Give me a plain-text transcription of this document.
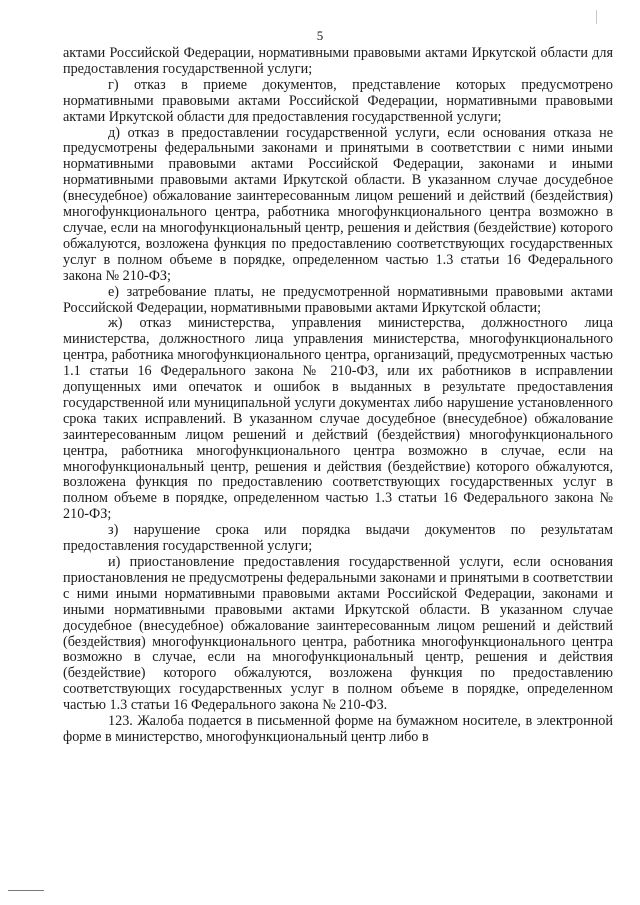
5

актами Российской Федерации, нормативными правовыми актами Иркутской области для предоставления государственной услуги;

г) отказ в приеме документов, представление которых предусмотрено нормативными правовыми актами Российской Федерации, нормативными правовыми актами Иркутской области для предоставления государственной услуги;

д) отказ в предоставлении государственной услуги, если основания отказа не предусмотрены федеральными законами и принятыми в соответствии с ними иными нормативными правовыми актами Российской Федерации, законами и иными нормативными правовыми актами Иркутской области. В указанном случае досудебное (внесудебное) обжалование заинтересованным лицом решений и действий (бездействия) многофункционального центра, работника многофункционального центра возможно в случае, если на многофункциональный центр, решения и действия (бездействие) которого обжалуются, возложена функция по предоставлению соответствующих государственных услуг в полном объеме в порядке, определенном частью 1.3 статьи 16 Федерального закона № 210-ФЗ;

е) затребование платы, не предусмотренной нормативными правовыми актами Российской Федерации, нормативными правовыми актами Иркутской области;

ж) отказ министерства, управления министерства, должностного лица министерства, должностного лица управления министерства, многофункционального центра, работника многофункционального центра, организаций, предусмотренных частью 1.1 статьи 16 Федерального закона № 210-ФЗ, или их работников в исправлении допущенных ими опечаток и ошибок в выданных в результате предоставления государственной или муниципальной услуги документах либо нарушение установленного срока таких исправлений. В указанном случае досудебное (внесудебное) обжалование заинтересованным лицом решений и действий (бездействия) многофункционального центра, работника многофункционального центра возможно в случае, если на многофункциональный центр, решения и действия (бездействие) которого обжалуются, возложена функция по предоставлению соответствующих государственных услуг в полном объеме в порядке, определенном частью 1.3 статьи 16 Федерального закона № 210-ФЗ;

з) нарушение срока или порядка выдачи документов по результатам предоставления государственной услуги;

и) приостановление предоставления государственной услуги, если основания приостановления не предусмотрены федеральными законами и принятыми в соответствии с ними иными нормативными правовыми актами Российской Федерации, законами и иными нормативными правовыми актами Иркутской области. В указанном случае досудебное (внесудебное) обжалование заинтересованным лицом решений и действий (бездействия) многофункционального центра, работника многофункционального центра возможно в случае, если на многофункциональный центр, решения и действия (бездействие) которого обжалуются, возложена функция по предоставлению соответствующих государственных услуг в полном объеме в порядке, определенном частью 1.3 статьи 16 Федерального закона № 210-ФЗ.

123. Жалоба подается в письменной форме на бумажном носителе, в электронной форме в министерство, многофункциональный центр либо в
